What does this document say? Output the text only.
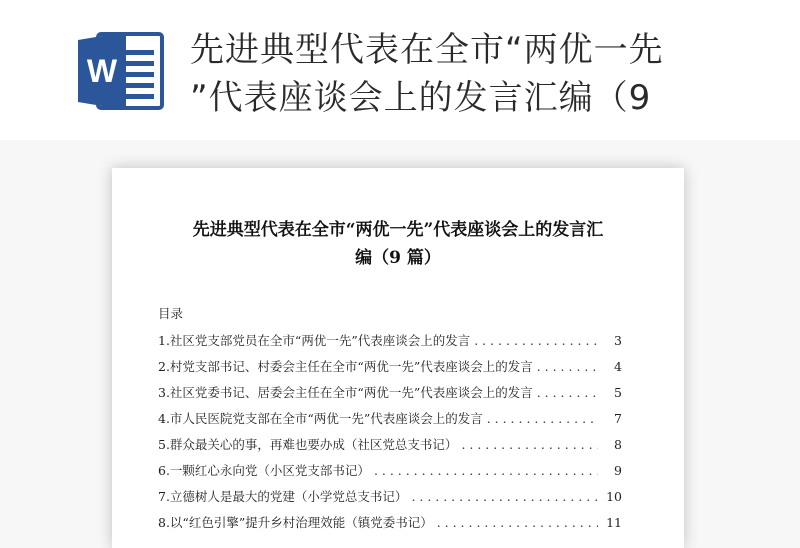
W
先进典型代表在全市“两优一先
”代表座谈会上的发言汇编（9
先进典型代表在全市“两优一先”代表座谈会上的发言汇
编（9 篇）
目录
1.社区党支部党员在全市“两优一先”代表座谈会上的发言 . . .	3
2.村党支部书记、村委会主任在全市“两优一先”代表座谈会上的发言 . . .	4
3.社区党委书记、居委会主任在全市“两优一先”代表座谈会上的发言 . . .	5
4.市人民医院党支部在全市“两优一先”代表座谈会上的发言 . . .	7
5.群众最关心的事，再难也要办成（社区党总支书记） . . .	8
6.一颗红心永向党（小区党支部书记） . . .	9
7.立德树人是最大的党建（小学党总支书记） . . .	10
8.以“红色引擎”提升乡村治理效能（镇党委书记） . . .	11
